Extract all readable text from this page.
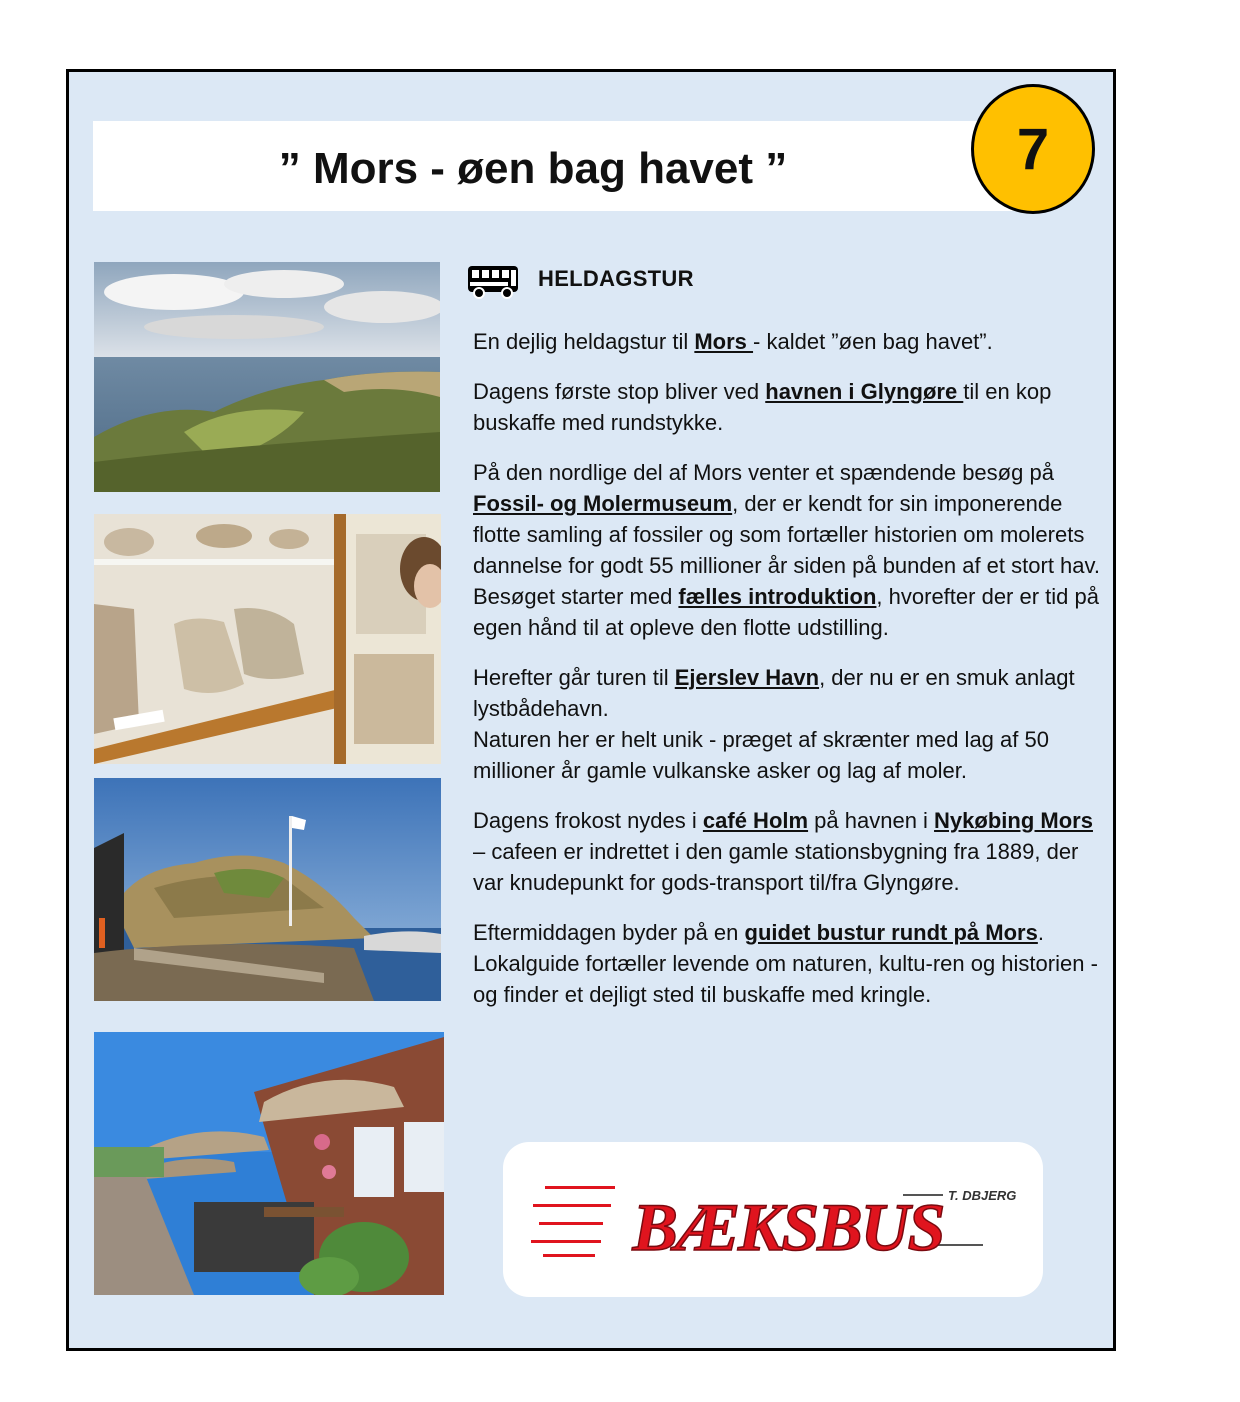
” Mors - øen bag havet ”	7
HELDAGSTUR

En dejlig heldagstur til Mors - kaldet ”øen bag havet”.

Dagens første stop bliver ved havnen i Glyngøre til en kop buskaffe med rundstykke.

På den nordlige del af Mors venter et spændende besøg på Fossil- og Molermuseum, der er kendt for sin imponerende flotte samling af fossiler og som fortæller historien om molerets dannelse for godt 55 millioner år siden på bunden af et stort hav.
Besøget starter med fælles introduktion, hvorefter der er tid på egen hånd til at opleve den flotte udstilling.

Herefter går turen til Ejerslev Havn, der nu er en smuk anlagt lystbådehavn.
Naturen her er helt unik - præget af skrænter med lag af 50 millioner år gamle vulkanske asker og lag af moler.

Dagens frokost nydes i café Holm på havnen i Nykøbing Mors – cafeen er indrettet i den gamle stationsbygning fra 1889, der var knudepunkt for gods-transport til/fra Glyngøre.

Eftermiddagen byder på en guidet bustur rundt på Mors. Lokalguide fortæller levende om naturen, kultu-ren og historien - og finder et dejligt sted til buskaffe med kringle.

BÆKSBUS T. DBJERG
